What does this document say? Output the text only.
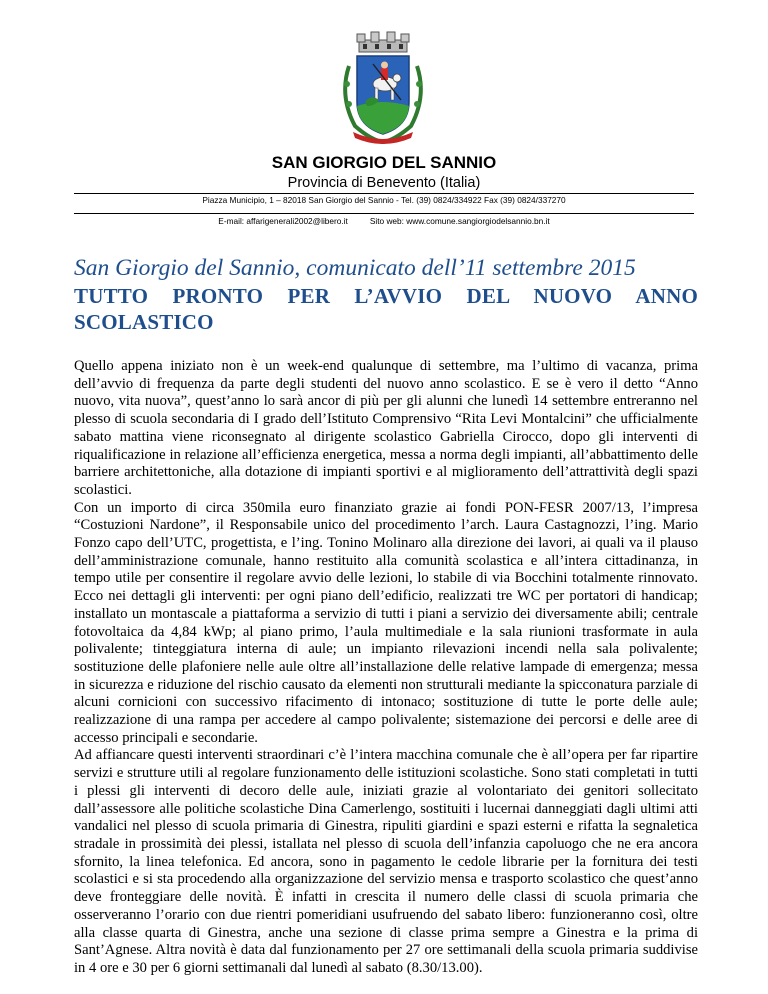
SAN GIORGIO DEL SANNIO
Provincia di Benevento (Italia)
Piazza Municipio, 1 – 82018 San Giorgio del Sannio - Tel. (39) 0824/334922 Fax (39) 0824/337270
E-mail: affarigenerali2002@libero.it	Sito web: www.comune.sangiorgiodelsannio.bn.it
San Giorgio del Sannio, comunicato dell’11 settembre 2015
TUTTO PRONTO PER L’AVVIO DEL NUOVO ANNO SCOLASTICO

Quello appena iniziato non è un week-end qualunque di settembre, ma l’ultimo di vacanza, prima dell’avvio di frequenza da parte degli studenti del nuovo anno scolastico. E se è vero il detto “Anno nuovo, vita nuova”, quest’anno lo sarà ancor di più per gli alunni che lunedì 14 settembre entreranno nel plesso di scuola secondaria di I grado dell’Istituto Comprensivo “Rita Levi Montalcini” che ufficialmente sabato mattina viene riconsegnato al dirigente scolastico Gabriella Cirocco, dopo gli interventi di riqualificazione in relazione all’efficienza energetica, messa a norma degli impianti, all’abbattimento delle barriere architettoniche, alla dotazione di impianti sportivi e al miglioramento dell’attrattività degli spazi scolastici.

Con un importo di circa 350mila euro finanziato grazie ai fondi PON-FESR 2007/13, l’impresa “Costuzioni Nardone”, il Responsabile unico del procedimento l’arch. Laura Castagnozzi, l’ing. Mario Fonzo capo dell’UTC, progettista, e l’ing. Tonino Molinaro alla direzione dei lavori, ai quali va il plauso dell’amministrazione comunale, hanno restituito alla comunità scolastica e all’intera cittadinanza, in tempo utile per consentire il regolare avvio delle lezioni, lo stabile di via Bocchini totalmente rinnovato. Ecco nei dettagli gli interventi: per ogni piano dell’edificio, realizzati tre WC per portatori di handicap; installato un montascale a piattaforma a servizio di tutti i piani a servizio dei diversamente abili; centrale fotovoltaica da 4,84 kWp; al piano primo, l’aula multimediale e la sala riunioni trasformate in aula polivalente; tinteggiatura interna di aule; un impianto rilevazioni incendi nella sala polivalente; sostituzione delle plafoniere nelle aule oltre all’installazione delle relative lampade di emergenza; messa in sicurezza e riduzione del rischio causato da elementi non strutturali mediante la spicconatura parziale di alcuni cornicioni con successivo rifacimento di intonaco; sostituzione di tutte le porte delle aule; realizzazione di una rampa per accedere al campo polivalente; sistemazione dei percorsi e delle aree di accesso principali e secondarie.

Ad affiancare questi interventi straordinari c’è l’intera macchina comunale che è all’opera per far ripartire servizi e strutture utili al regolare funzionamento delle istituzioni scolastiche. Sono stati completati in tutti i plessi gli interventi di decoro delle aule, iniziati grazie al volontariato dei genitori sollecitato dall’assessore alle politiche scolastiche Dina Camerlengo, sostituiti i lucernai danneggiati dagli ultimi atti vandalici nel plesso di scuola primaria di Ginestra, ripuliti giardini e spazi esterni e rifatta la segnaletica stradale in prossimità dei plessi, istallata nel plesso di scuola dell’infanzia capoluogo che ne era ancora sfornito, la linea telefonica. Ed ancora, sono in pagamento le cedole librarie per la fornitura dei testi scolastici e si sta procedendo alla organizzazione del servizio mensa e trasporto scolastico che quest’anno deve fronteggiare delle novità. È infatti in crescita il numero delle classi di scuola primaria che osserveranno l’orario con due rientri pomeridiani usufruendo del sabato libero: funzioneranno così, oltre alla classe quarta di Ginestra, anche una sezione di classe prima sempre a Ginestra e la prima di Sant’Agnese. Altra novità è data dal funzionamento per 27 ore settimanali della scuola primaria suddivise in 4 ore e 30 per 6 giorni settimanali dal lunedì al sabato (8.30/13.00).
